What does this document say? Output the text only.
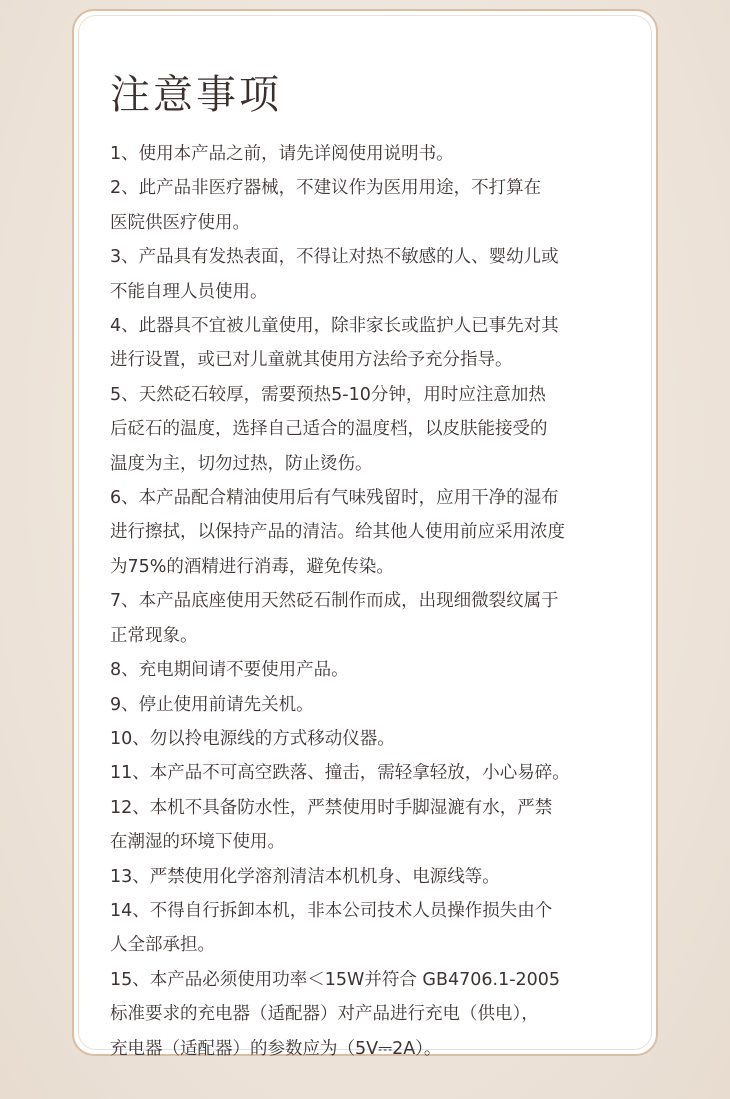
注意事项
1、使用本产品之前，请先详阅使用说明书。
2、此产品非医疗器械，不建议作为医用用途，不打算在
医院供医疗使用。
3、产品具有发热表面，不得让对热不敏感的人、婴幼儿或
不能自理人员使用。
4、此器具不宜被儿童使用，除非家长或监护人已事先对其
进行设置，或已对儿童就其使用方法给予充分指导。
5、天然砭石较厚，需要预热5-10分钟，用时应注意加热
后砭石的温度，选择自己适合的温度档，以皮肤能接受的
温度为主，切勿过热，防止烫伤。
6、本产品配合精油使用后有气味残留时，应用干净的湿布
进行擦拭，以保持产品的清洁。给其他人使用前应采用浓度
为75%的酒精进行消毒，避免传染。
7、本产品底座使用天然砭石制作而成，出现细微裂纹属于
正常现象。
8、充电期间请不要使用产品。
9、停止使用前请先关机。
10、勿以拎电源线的方式移动仪器。
11、本产品不可高空跌落、撞击，需轻拿轻放，小心易碎。
12、本机不具备防水性，严禁使用时手脚湿漉有水，严禁
在潮湿的环境下使用。
13、严禁使用化学溶剂清洁本机机身、电源线等。
14、不得自行拆卸本机，非本公司技术人员操作损失由个
人全部承担。
15、本产品必须使用功率＜15W并符合 GB4706.1-2005
标准要求的充电器（适配器）对产品进行充电（供电），
充电器（适配器）的参数应为（5V⎓2A）。
